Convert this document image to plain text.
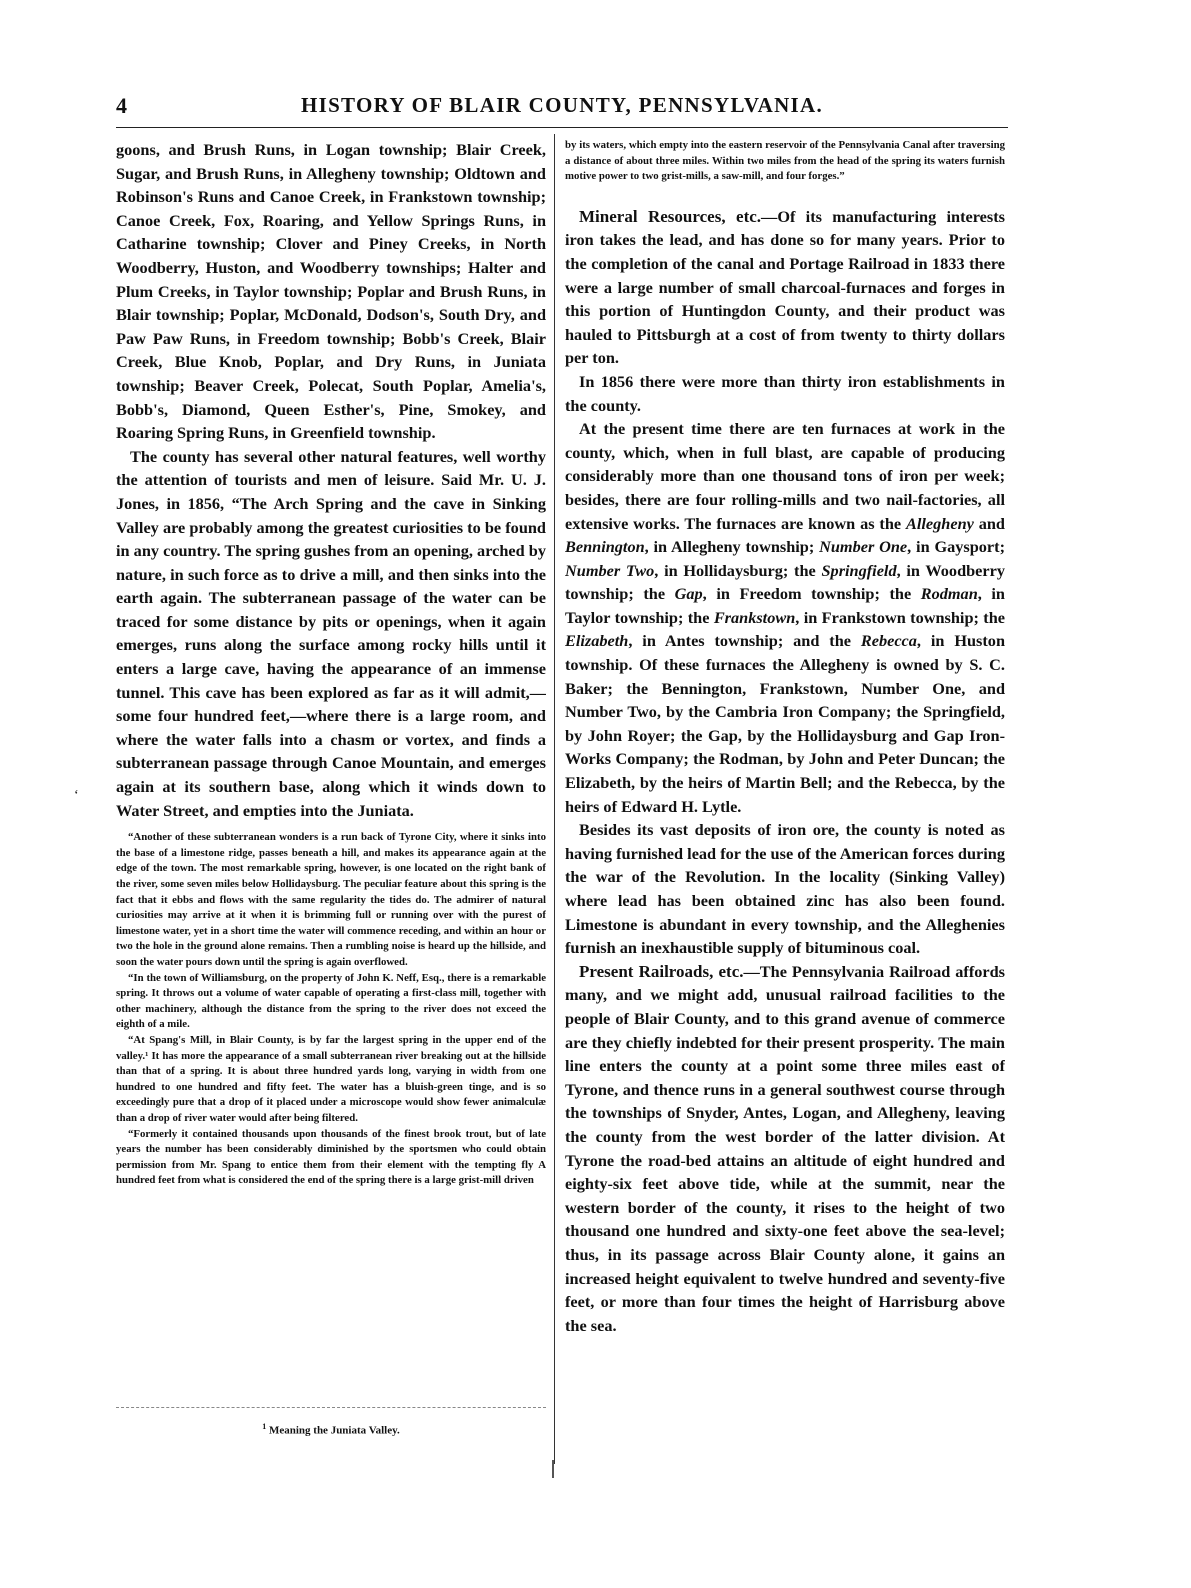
4	HISTORY OF BLAIR COUNTY, PENNSYLVANIA.
‘

goons, and Brush Runs, in Logan township; Blair Creek, Sugar, and Brush Runs, in Allegheny township; Oldtown and Robinson's Runs and Canoe Creek, in Frankstown township; Canoe Creek, Fox, Roaring, and Yellow Springs Runs, in Catharine township; Clover and Piney Creeks, in North Woodberry, Huston, and Woodberry townships; Halter and Plum Creeks, in Taylor township; Poplar and Brush Runs, in Blair township; Poplar, McDonald, Dodson's, South Dry, and Paw Paw Runs, in Freedom township; Bobb's Creek, Blair Creek, Blue Knob, Poplar, and Dry Runs, in Juniata township; Beaver Creek, Polecat, South Poplar, Amelia's, Bobb's, Diamond, Queen Esther's, Pine, Smokey, and Roaring Spring Runs, in Greenfield township.

The county has several other natural features, well worthy the attention of tourists and men of leisure. Said Mr. U. J. Jones, in 1856, “The Arch Spring and the cave in Sinking Valley are probably among the greatest curiosities to be found in any country. The spring gushes from an opening, arched by nature, in such force as to drive a mill, and then sinks into the earth again. The subterranean passage of the water can be traced for some distance by pits or openings, when it again emerges, runs along the surface among rocky hills until it enters a large cave, having the appearance of an immense tunnel. This cave has been explored as far as it will admit,—some four hundred feet,—where there is a large room, and where the water falls into a chasm or vortex, and finds a subterranean passage through Canoe Mountain, and emerges again at its southern base, along which it winds down to Water Street, and empties into the Juniata.

“Another of these subterranean wonders is a run back of Tyrone City, where it sinks into the base of a limestone ridge, passes beneath a hill, and makes its appearance again at the edge of the town. The most remarkable spring, however, is one located on the right bank of the river, some seven miles below Hollidaysburg. The peculiar feature about this spring is the fact that it ebbs and flows with the same regularity the tides do. The admirer of natural curiosities may arrive at it when it is brimming full or running over with the purest of limestone water, yet in a short time the water will commence receding, and within an hour or two the hole in the ground alone remains. Then a rumbling noise is heard up the hillside, and soon the water pours down until the spring is again overflowed.

“In the town of Williamsburg, on the property of John K. Neff, Esq., there is a remarkable spring. It throws out a volume of water capable of operating a first-class mill, together with other machinery, although the distance from the spring to the river does not exceed the eighth of a mile.

“At Spang's Mill, in Blair County, is by far the largest spring in the upper end of the valley.¹ It has more the appearance of a small subterranean river breaking out at the hillside than that of a spring. It is about three hundred yards long, varying in width from one hundred to one hundred and fifty feet. The water has a bluish-green tinge, and is so exceedingly pure that a drop of it placed under a microscope would show fewer animalculæ than a drop of river water would after being filtered.

“Formerly it contained thousands upon thousands of the finest brook trout, but of late years the number has been considerably diminished by the sportsmen who could obtain permission from Mr. Spang to entice them from their element with the tempting fly A hundred feet from what is considered the end of the spring there is a large grist-mill driven

$^1$ Meaning the Juniata Valley.

by its waters, which empty into the eastern reservoir of the Pennsylvania Canal after traversing a distance of about three miles. Within two miles from the head of the spring its waters furnish motive power to two grist-mills, a saw-mill, and four forges.”

Mineral Resources, etc.—Of its manufacturing interests iron takes the lead, and has done so for many years. Prior to the completion of the canal and Portage Railroad in 1833 there were a large number of small charcoal-furnaces and forges in this portion of Huntingdon County, and their product was hauled to Pittsburgh at a cost of from twenty to thirty dollars per ton.

In 1856 there were more than thirty iron establishments in the county.

At the present time there are ten furnaces at work in the county, which, when in full blast, are capable of producing considerably more than one thousand tons of iron per week; besides, there are four rolling-mills and two nail-factories, all extensive works. The furnaces are known as the Allegheny and Bennington, in Allegheny township; Number One, in Gaysport; Number Two, in Hollidaysburg; the Springfield, in Woodberry township; the Gap, in Freedom township; the Rodman, in Taylor township; the Frankstown, in Frankstown township; the Elizabeth, in Antes township; and the Rebecca, in Huston township. Of these furnaces the Allegheny is owned by S. C. Baker; the Bennington, Frankstown, Number One, and Number Two, by the Cambria Iron Company; the Springfield, by John Royer; the Gap, by the Hollidaysburg and Gap Iron-Works Company; the Rodman, by John and Peter Duncan; the Elizabeth, by the heirs of Martin Bell; and the Rebecca, by the heirs of Edward H. Lytle.

Besides its vast deposits of iron ore, the county is noted as having furnished lead for the use of the American forces during the war of the Revolution. In the locality (Sinking Valley) where lead has been obtained zinc has also been found. Limestone is abundant in every township, and the Alleghenies furnish an inexhaustible supply of bituminous coal.

Present Railroads, etc.—The Pennsylvania Railroad affords many, and we might add, unusual railroad facilities to the people of Blair County, and to this grand avenue of commerce are they chiefly indebted for their present prosperity. The main line enters the county at a point some three miles east of Tyrone, and thence runs in a general southwest course through the townships of Snyder, Antes, Logan, and Allegheny, leaving the county from the west border of the latter division. At Tyrone the road-bed attains an altitude of eight hundred and eighty-six feet above tide, while at the summit, near the western border of the county, it rises to the height of two thousand one hundred and sixty-one feet above the sea-level; thus, in its passage across Blair County alone, it gains an increased height equivalent to twelve hundred and seventy-five feet, or more than four times the height of Harrisburg above the sea.
